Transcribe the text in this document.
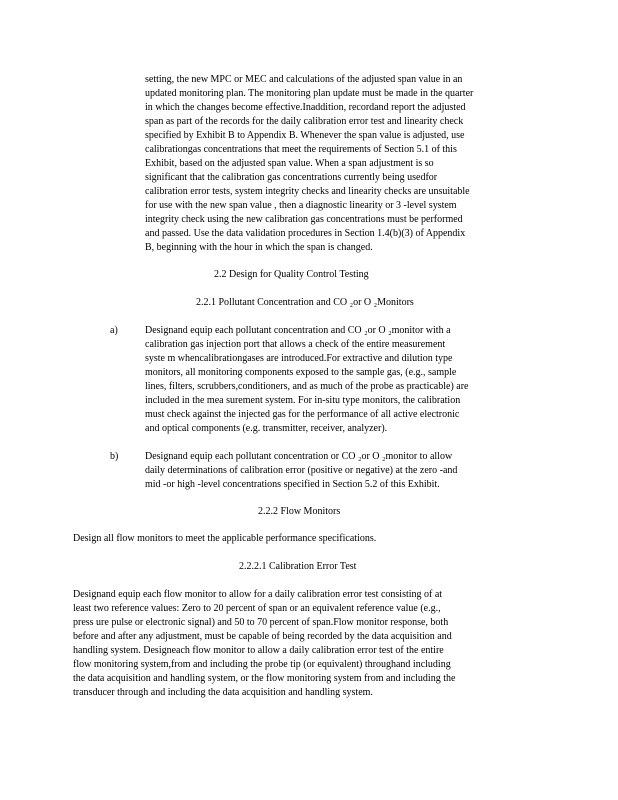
setting, the new MPC or MEC and calculations of the adjusted span value in an
updated monitoring plan. The monitoring plan update must be made in the quarter
in which the changes become effective.Inaddition, recordand report the adjusted
span as part of the records for the daily calibration error test and linearity check
specified by Exhibit B to Appendix B. Whenever the span value is adjusted, use
calibrationgas concentrations that meet the requirements of Section 5.1 of this
Exhibit, based on the adjusted span value. When a span adjustment is so
significant that the calibration gas concentrations currently being usedfor
calibration error tests, system integrity checks and linearity checks are unsuitable
for use with the new span value , then a diagnostic linearity or 3 -level system
integrity check using the new calibration gas concentrations must be performed
and passed. Use the data validation procedures in Section 1.4(b)(3) of Appendix
B, beginning with the hour in which the span is changed.
2.2 Design for Quality Control Testing
2.2.1 Pollutant Concentration and CO ₂or O ₂Monitors
a)	Designand equip each pollutant concentration and CO ₂or O ₂monitor with a
calibration gas injection port that allows a check of the entire measurement
syste m whencalibrationgases are introduced.For extractive and dilution type
monitors, all monitoring components exposed to the sample gas, (e.g., sample
lines, filters, scrubbers,conditioners, and as much of the probe as practicable) are
included in the mea surement system. For in-situ type monitors, the calibration
must check against the injected gas for the performance of all active electronic
and optical components (e.g. transmitter, receiver, analyzer).
b)	Designand equip each pollutant concentration or CO ₂or O ₂monitor to allow
daily determinations of calibration error (positive or negative) at the zero -and
mid -or high -level concentrations specified in Section 5.2 of this Exhibit.
2.2.2 Flow Monitors
Design all flow monitors to meet the applicable performance specifications.
2.2.2.1 Calibration Error Test
Designand equip each flow monitor to allow for a daily calibration error test consisting of at
least two reference values: Zero to 20 percent of span or an equivalent reference value (e.g.,
press ure pulse or electronic signal) and 50 to 70 percent of span.Flow monitor response, both
before and after any adjustment, must be capable of being recorded by the data acquisition and
handling system. Designeach flow monitor to allow a daily calibration error test of the entire
flow monitoring system,from and including the probe tip (or equivalent) throughand including
the data acquisition and handling system, or the flow monitoring system from and including the
transducer through and including the data acquisition and handling system.
